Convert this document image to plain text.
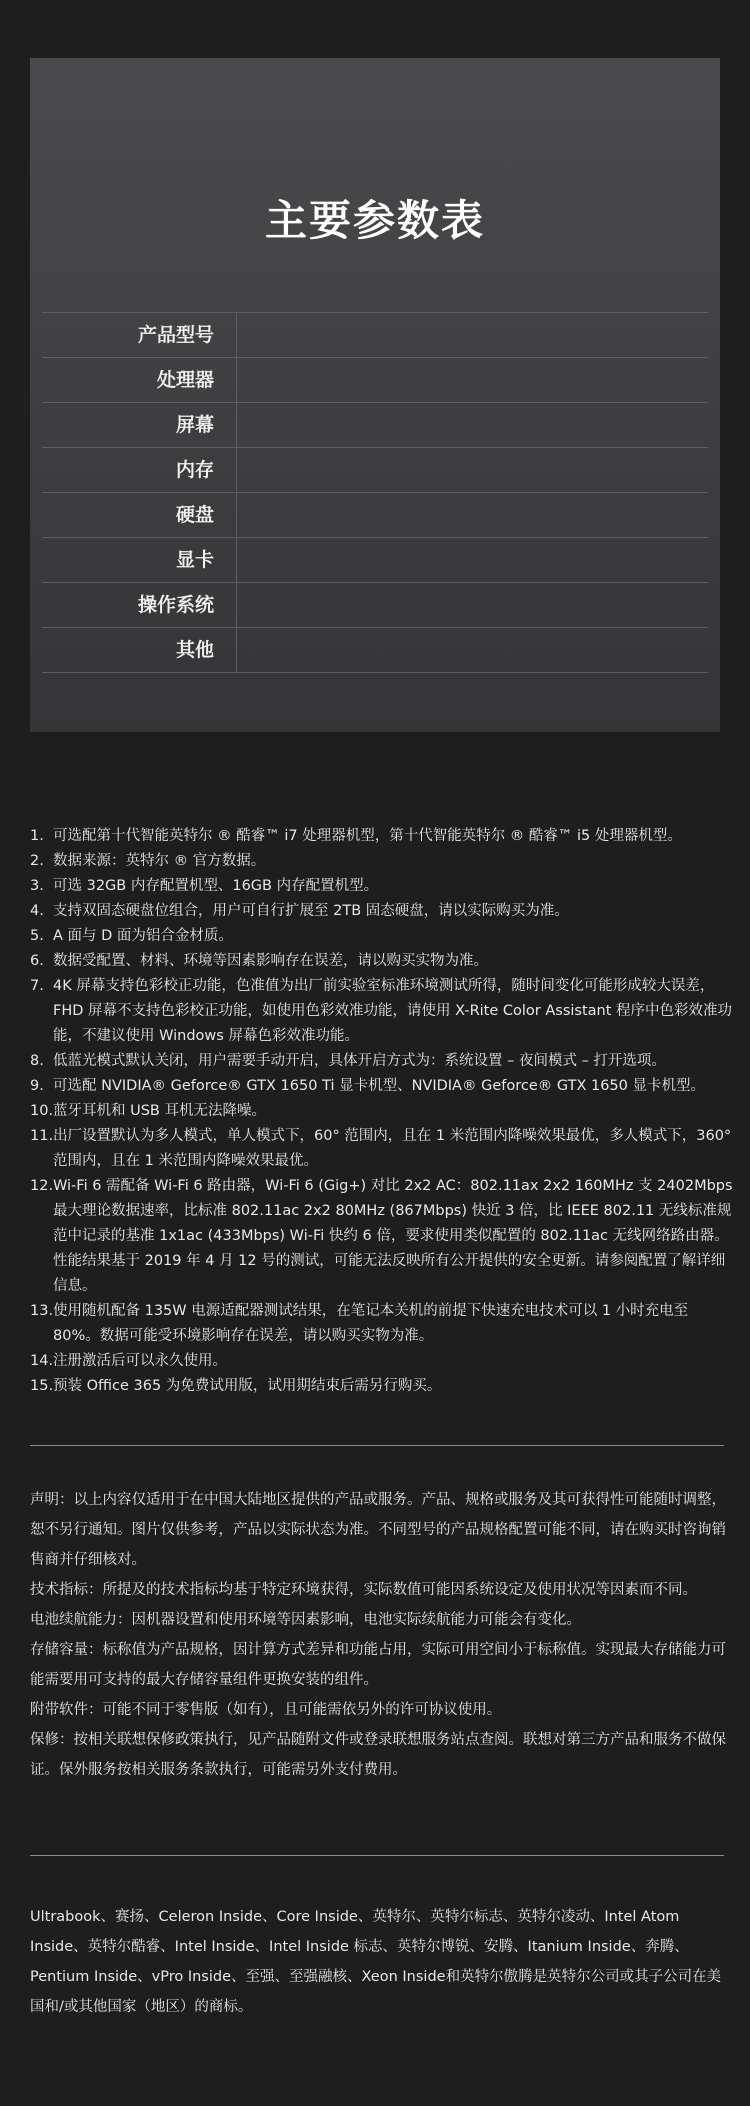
主要参数表
产品型号
处理器
屏幕
内存
硬盘
显卡
操作系统
其他
1. 可选配第十代智能英特尔 ® 酷睿™ i7 处理器机型，第十代智能英特尔 ® 酷睿™ i5 处理器机型。
2. 数据来源：英特尔 ® 官方数据。
3. 可选 32GB 内存配置机型、16GB 内存配置机型。
4. 支持双固态硬盘位组合，用户可自行扩展至 2TB 固态硬盘，请以实际购买为准。
5. A 面与 D 面为铝合金材质。
6. 数据受配置、材料、环境等因素影响存在误差，请以购买实物为准。
7. 4K 屏幕支持色彩校正功能，色准值为出厂前实验室标准环境测试所得，随时间变化可能形成较大误差，FHD 屏幕不支持色彩校正功能，如使用色彩效准功能，请使用 X-Rite Color Assistant 程序中色彩效准功能，不建议使用 Windows 屏幕色彩效准功能。
8. 低蓝光模式默认关闭，用户需要手动开启，具体开启方式为：系统设置 – 夜间模式 – 打开选项。
9. 可选配 NVIDIA® Geforce® GTX 1650 Ti 显卡机型、NVIDIA® Geforce® GTX 1650 显卡机型。
10. 蓝牙耳机和 USB 耳机无法降噪。
11. 出厂设置默认为多人模式，单人模式下，60° 范围内，且在 1 米范围内降噪效果最优，多人模式下，360° 范围内，且在 1 米范围内降噪效果最优。
12. Wi-Fi 6 需配备 Wi-Fi 6 路由器，Wi-Fi 6 (Gig+) 对比 2x2 AC：802.11ax 2x2 160MHz 支 2402Mbps 最大理论数据速率，比标准 802.11ac 2x2 80MHz (867Mbps) 快近 3 倍，比 IEEE 802.11 无线标准规范中记录的基准 1x1ac (433Mbps) Wi-Fi 快约 6 倍，要求使用类似配置的 802.11ac 无线网络路由器。性能结果基于 2019 年 4 月 12 号的测试，可能无法反映所有公开提供的安全更新。请参阅配置了解详细信息。
13. 使用随机配备 135W 电源适配器测试结果，在笔记本关机的前提下快速充电技术可以 1 小时充电至 80%。数据可能受环境影响存在误差，请以购买实物为准。
14. 注册激活后可以永久使用。
15. 预装 Office 365 为免费试用版，试用期结束后需另行购买。

声明：以上内容仅适用于在中国大陆地区提供的产品或服务。产品、规格或服务及其可获得性可能随时调整，恕不另行通知。图片仅供参考，产品以实际状态为准。不同型号的产品规格配置可能不同，请在购买时咨询销售商并仔细核对。

技术指标：所提及的技术指标均基于特定环境获得，实际数值可能因系统设定及使用状况等因素而不同。

电池续航能力：因机器设置和使用环境等因素影响，电池实际续航能力可能会有变化。

存储容量：标称值为产品规格，因计算方式差异和功能占用，实际可用空间小于标称值。实现最大存储能力可能需要用可支持的最大存储容量组件更换安装的组件。

附带软件：可能不同于零售版（如有），且可能需依另外的许可协议使用。

保修：按相关联想保修政策执行，见产品随附文件或登录联想服务站点查阅。联想对第三方产品和服务不做保证。保外服务按相关服务条款执行，可能需另外支付费用。

Ultrabook、赛扬、Celeron Inside、Core Inside、英特尔、英特尔标志、英特尔凌动、Intel Atom Inside、英特尔酷睿、Intel Inside、Intel Inside 标志、英特尔博锐、安腾、Itanium Inside、奔腾、Pentium Inside、vPro Inside、至强、至强融核、Xeon Inside和英特尔傲腾是英特尔公司或其子公司在美国和/或其他国家（地区）的商标。
